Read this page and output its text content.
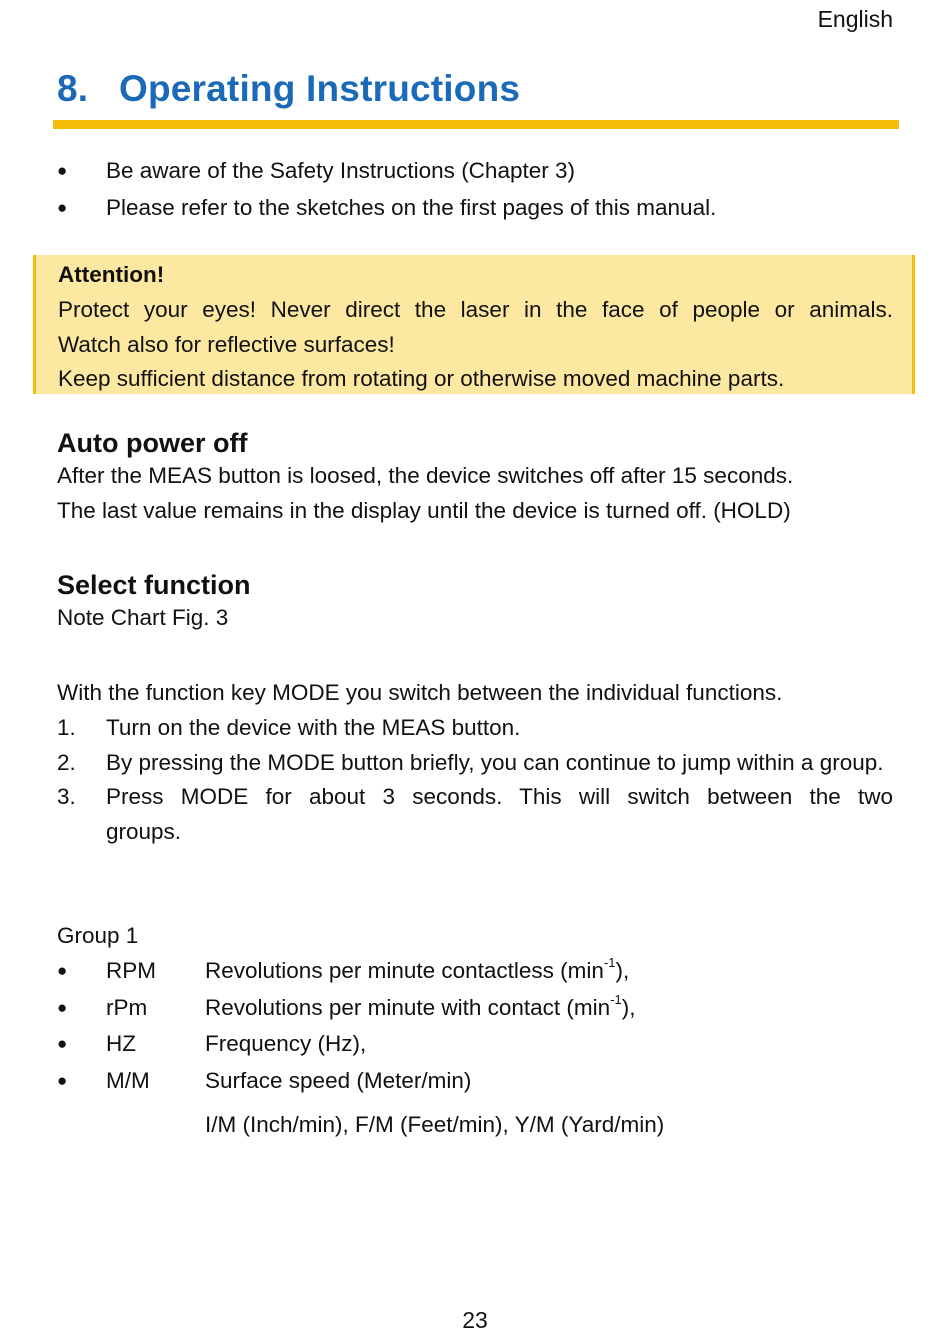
English
8. Operating Instructions
●
Be aware of the Safety Instructions (Chapter 3)
●
Please refer to the sketches on the first pages of this manual.
Attention!
Protect your eyes! Never direct the laser in the face of people or animals.
Watch also for reflective surfaces!
Keep sufficient distance from rotating or otherwise moved machine parts.
Auto power off
After the MEAS button is loosed, the device switches off after 15 seconds.
The last value remains in the display until the device is turned off. (HOLD)
Select function
Note Chart Fig. 3
With the function key MODE you switch between the individual functions.
1.	Turn on the device with the MEAS button.
2.	By pressing the MODE button briefly, you can continue to jump within a group.
3.	Press MODE for about 3 seconds. This will switch between the two groups.
Group 1
●
RPM	Revolutions per minute contactless $(\min^{-1})$,
●
rPm	Revolutions per minute with contact $(\min^{-1})$,
●
HZ	Frequency (Hz),
●
M/M	Surface speed (Meter/min)
I/M (Inch/min), F/M (Feet/min), Y/M (Yard/min)
23
